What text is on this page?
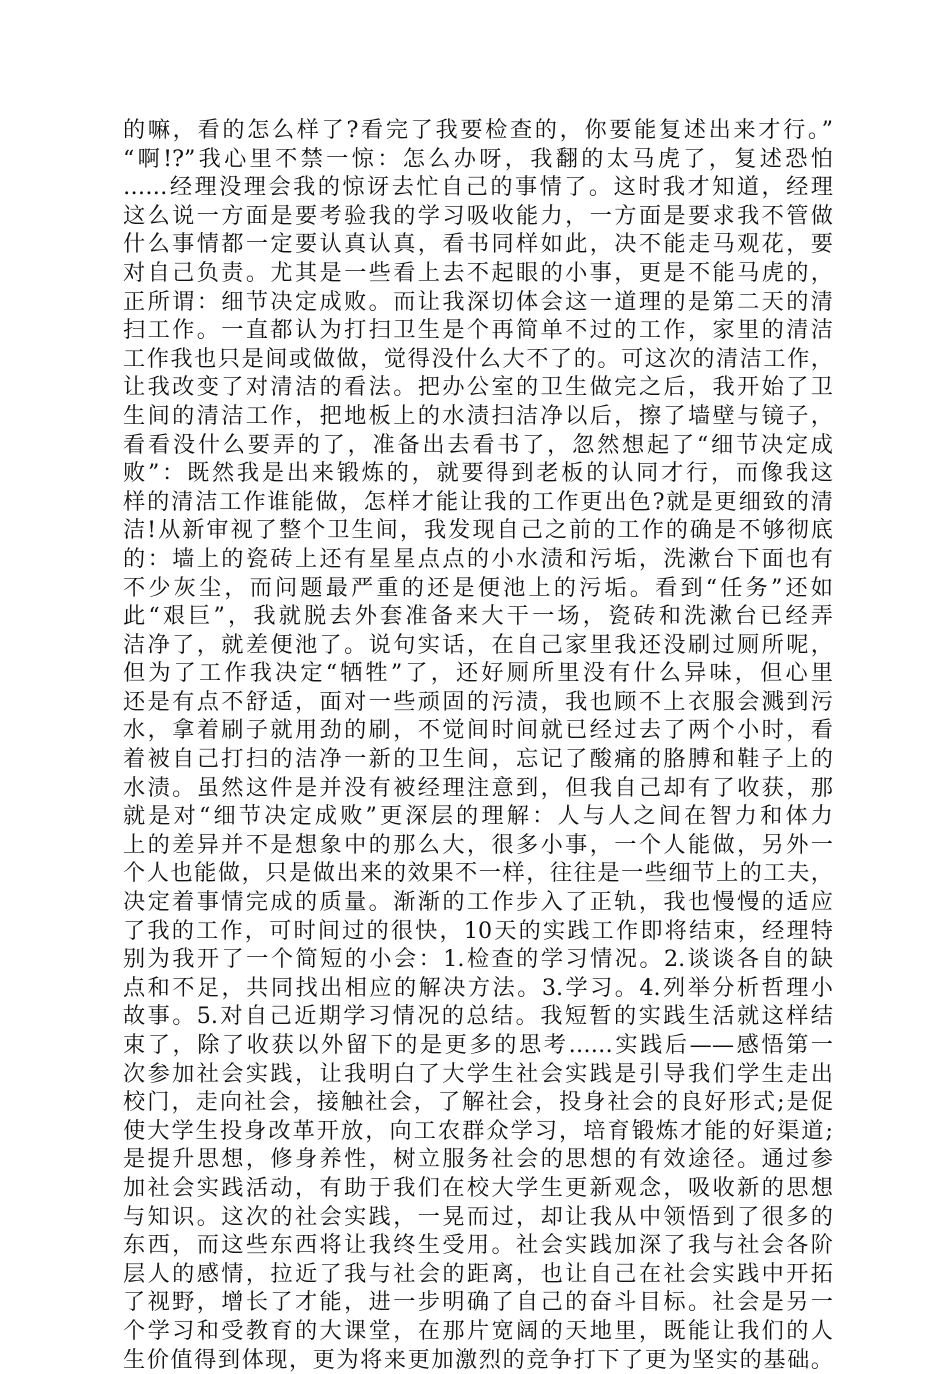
的嘛，看的怎么样了?看完了我要检查的，你要能复述出来才行。”
“啊!?”我心里不禁一惊：怎么办呀，我翻的太马虎了，复述恐怕
……经理没理会我的惊讶去忙自己的事情了。这时我才知道，经理
这么说一方面是要考验我的学习吸收能力，一方面是要求我不管做
什么事情都一定要认真认真，看书同样如此，决不能走马观花，要
对自己负责。尤其是一些看上去不起眼的小事，更是不能马虎的，
正所谓：细节决定成败。而让我深切体会这一道理的是第二天的清
扫工作。一直都认为打扫卫生是个再简单不过的工作，家里的清洁
工作我也只是间或做做，觉得没什么大不了的。可这次的清洁工作，
让我改变了对清洁的看法。把办公室的卫生做完之后，我开始了卫
生间的清洁工作，把地板上的水渍扫洁净以后，擦了墙壁与镜子，
看看没什么要弄的了，准备出去看书了，忽然想起了“细节决定成
败”：既然我是出来锻炼的，就要得到老板的认同才行，而像我这
样的清洁工作谁能做，怎样才能让我的工作更出色?就是更细致的清
洁!从新审视了整个卫生间，我发现自己之前的工作的确是不够彻底
的：墙上的瓷砖上还有星星点点的小水渍和污垢，洗漱台下面也有
不少灰尘，而问题最严重的还是便池上的污垢。看到“任务”还如
此“艰巨”，我就脱去外套准备来大干一场，瓷砖和洗漱台已经弄
洁净了，就差便池了。说句实话，在自己家里我还没刷过厕所呢，
但为了工作我决定“牺牲”了，还好厕所里没有什么异味，但心里
还是有点不舒适，面对一些顽固的污渍，我也顾不上衣服会溅到污
水，拿着刷子就用劲的刷，不觉间时间就已经过去了两个小时，看
着被自己打扫的洁净一新的卫生间，忘记了酸痛的胳膊和鞋子上的
水渍。虽然这件是并没有被经理注意到，但我自己却有了收获，那
就是对“细节决定成败”更深层的理解：人与人之间在智力和体力
上的差异并不是想象中的那么大，很多小事，一个人能做，另外一
个人也能做，只是做出来的效果不一样，往往是一些细节上的工夫，
决定着事情完成的质量。渐渐的工作步入了正轨，我也慢慢的适应
了我的工作，可时间过的很快，10天的实践工作即将结束，经理特
别为我开了一个简短的小会：1.检查的学习情况。2.谈谈各自的缺
点和不足，共同找出相应的解决方法。3.学习。4.列举分析哲理小
故事。5.对自己近期学习情况的总结。我短暂的实践生活就这样结
束了，除了收获以外留下的是更多的思考……实践后——感悟第一
次参加社会实践，让我明白了大学生社会实践是引导我们学生走出
校门，走向社会，接触社会，了解社会，投身社会的良好形式;是促
使大学生投身改革开放，向工农群众学习，培育锻炼才能的好渠道;
是提升思想，修身养性，树立服务社会的思想的有效途径。通过参
加社会实践活动，有助于我们在校大学生更新观念，吸收新的思想
与知识。这次的社会实践，一晃而过，却让我从中领悟到了很多的
东西，而这些东西将让我终生受用。社会实践加深了我与社会各阶
层人的感情，拉近了我与社会的距离，也让自己在社会实践中开拓
了视野，增长了才能，进一步明确了自己的奋斗目标。社会是另一
个学习和受教育的大课堂，在那片宽阔的天地里，既能让我们的人
生价值得到体现，更为将来更加激烈的竞争打下了更为坚实的基础。
